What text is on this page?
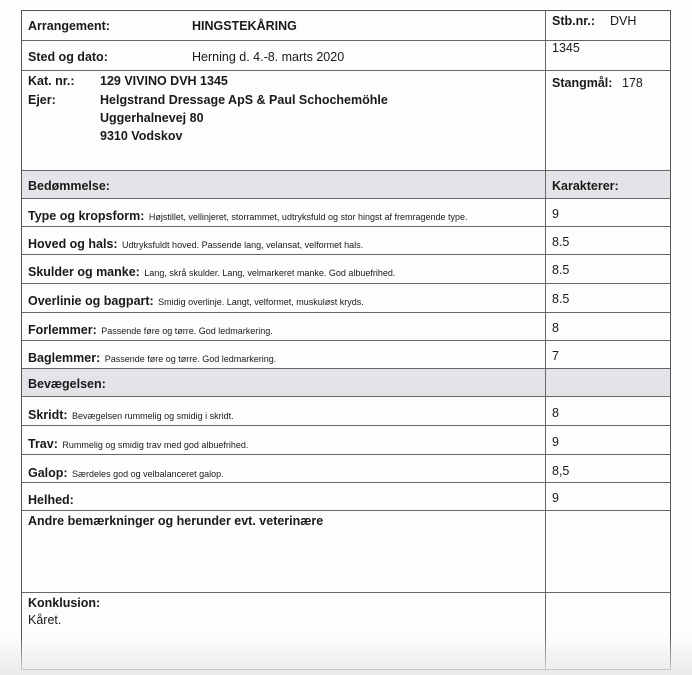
Arrangement:	HINGSTEKÅRING	Stb.nr.: DVH
Sted og dato:	Herning d. 4.-8. marts 2020
1345
Kat. nr.: 129 VIVINO DVH 1345
Ejer:	Helgstrand Dressage ApS & Paul Schochemöhle
Uggerhalnevej 80
9310 Vodskov
Stangmål: 178
Bedømmelse:	Karakterer:
Type og kropsform: Højstillet, vellinjeret, storrammet, udtryksfuld og stor hingst af fremragende type.	9
Hoved og hals: Udtryksfuldt hoved. Passende lang, velansat, velformet hals.	8.5
Skulder og manke: Lang, skrå skulder. Lang, velmarkeret manke. God albuefrihed.	8.5
Overlinie og bagpart: Smidig overlinje. Langt, velformet, muskuløst kryds.	8.5
Forlemmer: Passende føre og tørre. God ledmarkering.	8
Baglemmer: Passende føre og tørre. God ledmarkering.	7
Bevægelsen:
Skridt: Bevægelsen rummelig og smidig i skridt.	8
Trav: Rummelig og smidig trav med god albuefrihed.	9
Galop: Særdeles god og velbalanceret galop.	8,5
Helhed:	9
Andre bemærkninger og herunder evt. veterinære
Konklusion:
Kåret.
